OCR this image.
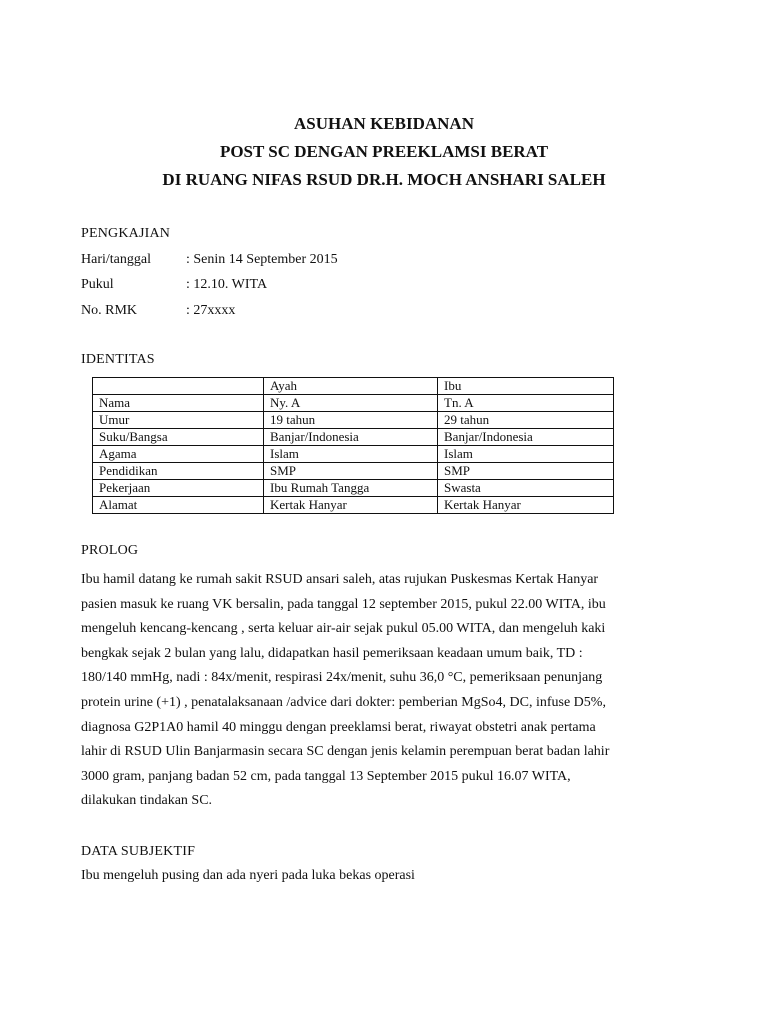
ASUHAN KEBIDANAN
POST SC DENGAN PREEKLAMSI BERAT
DI RUANG NIFAS RSUD DR.H. MOCH ANSHARI SALEH
PENGKAJIAN
Hari/tanggal	: Senin 14 September 2015
Pukul	: 12.10. WITA
No. RMK	: 27xxxx
IDENTITAS
	Ayah	Ibu
Nama	Ny. A	Tn. A
Umur	19 tahun	29 tahun
Suku/Bangsa	Banjar/Indonesia	Banjar/Indonesia
Agama	Islam	Islam
Pendidikan	SMP	SMP
Pekerjaan	Ibu Rumah Tangga	Swasta
Alamat	Kertak Hanyar	Kertak Hanyar
PROLOG
Ibu hamil datang ke rumah sakit RSUD ansari saleh, atas rujukan Puskesmas Kertak Hanyar
pasien masuk ke ruang VK bersalin, pada tanggal 12 september 2015, pukul 22.00 WITA, ibu
mengeluh kencang-kencang , serta keluar air-air sejak pukul 05.00 WITA, dan mengeluh kaki
bengkak sejak 2 bulan yang lalu, didapatkan hasil pemeriksaan keadaan umum baik, TD :
180/140 mmHg, nadi : 84x/menit, respirasi 24x/menit, suhu 36,0 °C, pemeriksaan penunjang
protein urine (+1) , penatalaksanaan /advice dari dokter: pemberian MgSo4, DC, infuse D5%,
diagnosa G2P1A0 hamil 40 minggu dengan preeklamsi berat, riwayat obstetri anak pertama
lahir di RSUD Ulin Banjarmasin secara SC dengan jenis kelamin perempuan berat badan lahir
3000 gram, panjang badan 52 cm, pada tanggal 13 September 2015 pukul 16.07 WITA,
dilakukan tindakan SC.
DATA SUBJEKTIF
Ibu mengeluh pusing dan ada nyeri pada luka bekas operasi
